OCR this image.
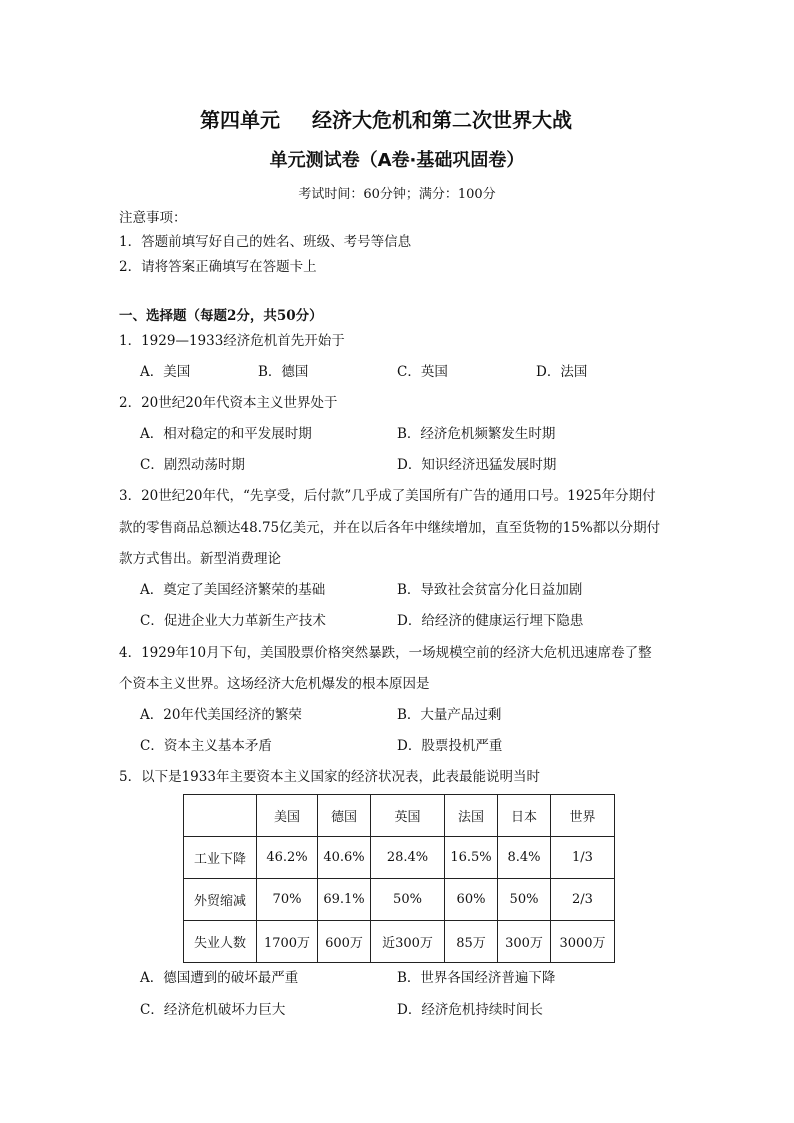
第四单元 经济大危机和第二次世界大战
单元测试卷（A卷·基础巩固卷）
考试时间：60分钟；满分：100分
注意事项：
1．答题前填写好自己的姓名、班级、考号等信息
2．请将答案正确填写在答题卡上
一、选择题（每题2分，共50分）
1．1929—1933经济危机首先开始于
A．美国	B．德国	C．英国	D．法国
2．20世纪20年代资本主义世界处于
A．相对稳定的和平发展时期	B．经济危机频繁发生时期
C．剧烈动荡时期	D．知识经济迅猛发展时期
3．20世纪20年代，“先享受，后付款”几乎成了美国所有广告的通用口号。1925年分期付
款的零售商品总额达48.75亿美元，并在以后各年中继续增加，直至货物的15%都以分期付
款方式售出。新型消费理论
A．奠定了美国经济繁荣的基础	B．导致社会贫富分化日益加剧
C．促进企业大力革新生产技术	D．给经济的健康运行埋下隐患
4．1929年10月下旬，美国股票价格突然暴跌，一场规模空前的经济大危机迅速席卷了整
个资本主义世界。这场经济大危机爆发的根本原因是
A．20年代美国经济的繁荣	B．大量产品过剩
C．资本主义基本矛盾	D．股票投机严重
5．以下是1933年主要资本主义国家的经济状况表，此表最能说明当时
	美国	德国	英国	法国	日本	世界
工业下降	46.2%	40.6%	28.4%	16.5%	8.4%	1/3
外贸缩减	70%	69.1%	50%	60%	50%	2/3
失业人数	1700万	600万	近300万	85万	300万	3000万
A．德国遭到的破坏最严重	B．世界各国经济普遍下降
C．经济危机破坏力巨大	D．经济危机持续时间长
